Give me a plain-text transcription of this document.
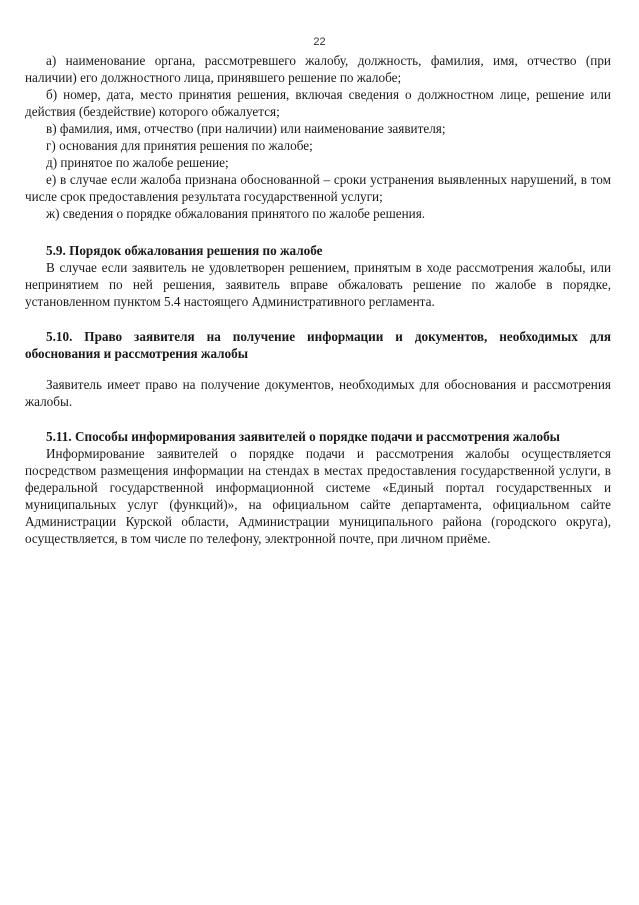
22

а) наименование органа, рассмотревшего жалобу, должность, фамилия, имя, отчество (при наличии) его должностного лица, принявшего решение по жалобе;

б) номер, дата, место принятия решения, включая сведения о должностном лице, решение или действия (бездействие) которого обжалуется;

в) фамилия, имя, отчество (при наличии) или наименование заявителя;

г) основания для принятия решения по жалобе;

д) принятое по жалобе решение;

е) в случае если жалоба признана обоснованной – сроки устранения выявленных нарушений, в том числе срок предоставления результата государственной услуги;

ж) сведения о порядке обжалования принятого по жалобе решения.

5.9. Порядок обжалования решения по жалобе

В случае если заявитель не удовлетворен решением, принятым в ходе рассмотрения жалобы, или непринятием по ней решения, заявитель вправе обжаловать решение по жалобе в порядке, установленном пунктом 5.4 настоящего Административного регламента.

5.10. Право заявителя на получение информации и документов, необходимых для обоснования и рассмотрения жалобы

Заявитель имеет право на получение документов, необходимых для обоснования и рассмотрения жалобы.

5.11. Способы информирования заявителей о порядке подачи и рассмотрения жалобы

Информирование заявителей о порядке подачи и рассмотрения жалобы осуществляется посредством размещения информации на стендах в местах предоставления государственной услуги, в федеральной государственной информационной системе «Единый портал государственных и муниципальных услуг (функций)», на официальном сайте департамента, официальном сайте Администрации Курской области, Администрации муниципального района (городского округа), осуществляется, в том числе по телефону, электронной почте, при личном приёме.
